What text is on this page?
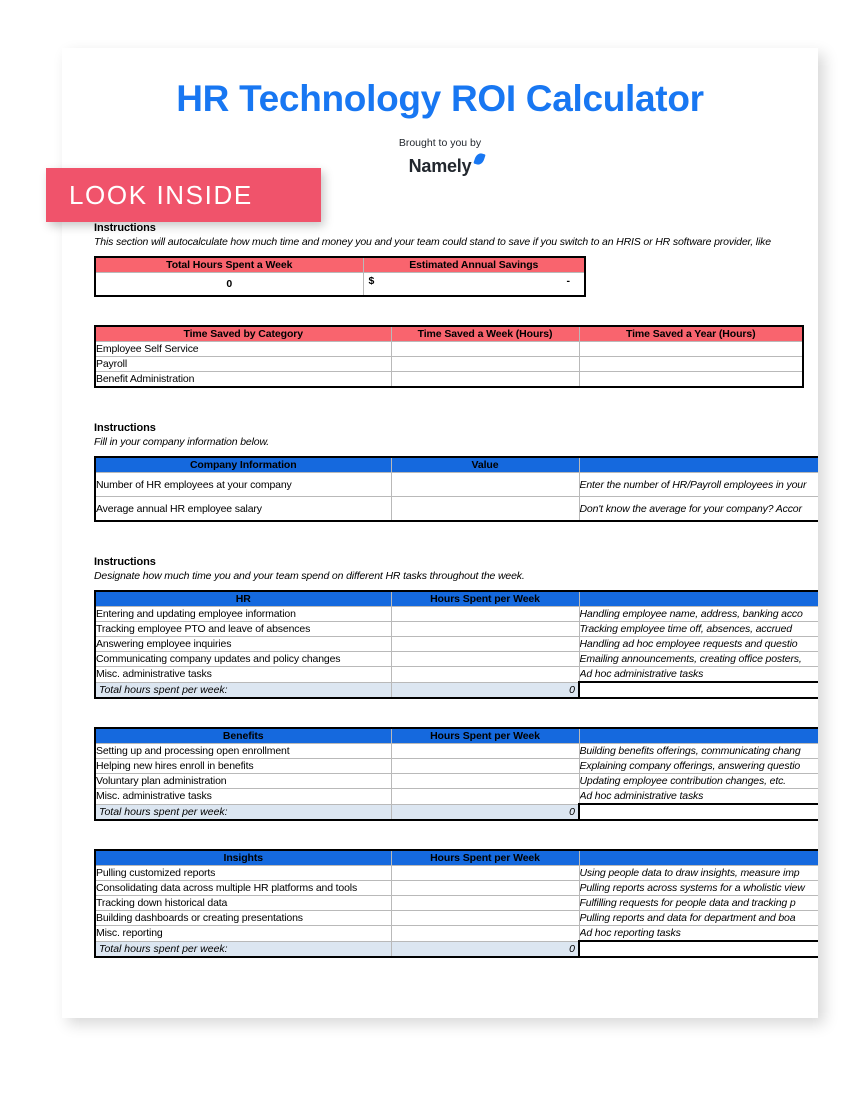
HR Technology ROI Calculator
Brought to you by
Namely

Instructions

This section will autocalculate how much time and money you and your team could stand to save if you switch to an HRIS or HR software provider, like

Total Hours Spent a Week	Estimated Annual Savings
0	$ -
Time Saved by Category	Time Saved a Week (Hours)	Time Saved a Year (Hours)
Employee Self Service		
Payroll		
Benefit Administration		

Instructions

Fill in your company information below.

Company Information	Value	
Number of HR employees at your company		Enter the number of HR/Payroll employees in your
Average annual HR employee salary		Don't know the average for your company? Accor

Instructions

Designate how much time you and your team spend on different HR tasks throughout the week.

HR	Hours Spent per Week	
Entering and updating employee information		Handling employee name, address, banking acco
Tracking employee PTO and leave of absences		Tracking employee time off, absences, accrued
Answering employee inquiries		Handling ad hoc employee requests and questio
Communicating company updates and policy changes		Emailing announcements, creating office posters,
Misc. administrative tasks		Ad hoc administrative tasks
Total hours spent per week:	0	
Benefits	Hours Spent per Week	
Setting up and processing open enrollment		Building benefits offerings, communicating chang
Helping new hires enroll in benefits		Explaining company offerings, answering questio
Voluntary plan administration		Updating employee contribution changes, etc.
Misc. administrative tasks		Ad hoc administrative tasks
Total hours spent per week:	0	
Insights	Hours Spent per Week	
Pulling customized reports		Using people data to draw insights, measure imp
Consolidating data across multiple HR platforms and tools		Pulling reports across systems for a wholistic view
Tracking down historical data		Fulfilling requests for people data and tracking p
Building dashboards or creating presentations		Pulling reports and data for department and boa
Misc. reporting		Ad hoc reporting tasks
Total hours spent per week:	0	
LOOK INSIDE
